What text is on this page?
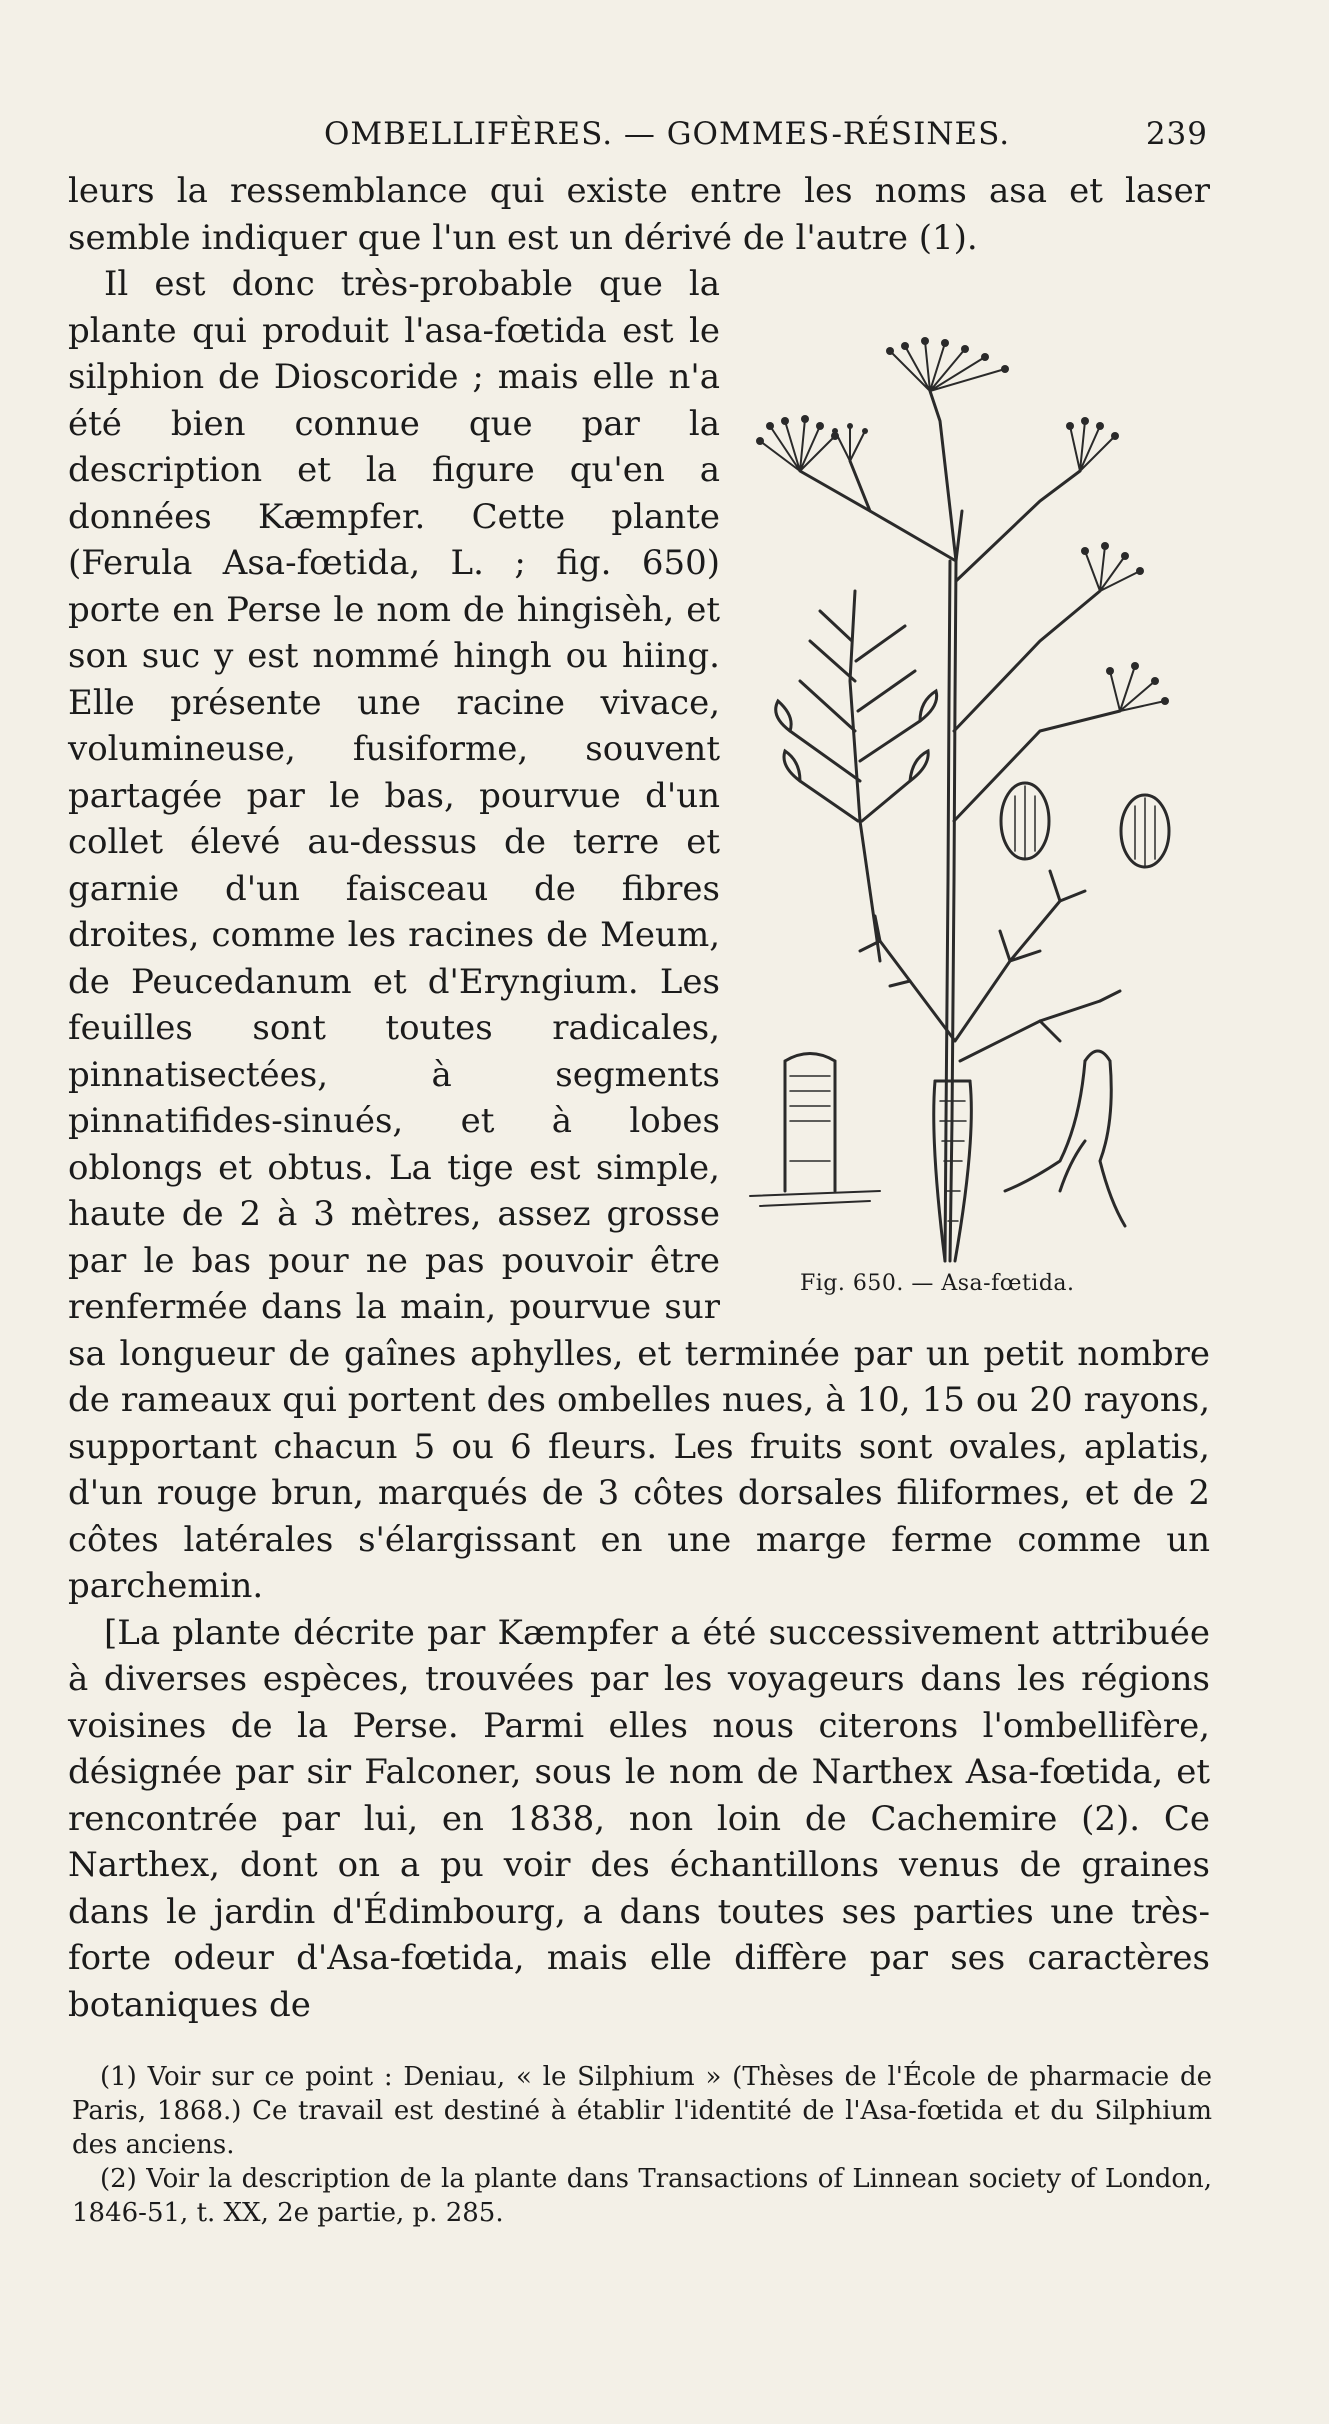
OMBELLIFÈRES. — GOMMES-RÉSINES.	239

leurs la ressemblance qui existe entre les noms asa et laser semble indiquer que l'un est un dérivé de l'autre (1).

Fig. 650. — Asa-fœtida.

Il est donc très-probable que la plante qui produit l'asa-fœtida est le silphion de Dioscoride ; mais elle n'a été bien connue que par la description et la figure qu'en a données Kæmpfer. Cette plante (Ferula Asa-fœtida, L. ; fig. 650) porte en Perse le nom de hingisèh, et son suc y est nommé hingh ou hiing. Elle présente une racine vivace, volumineuse, fusiforme, souvent partagée par le bas, pourvue d'un collet élevé au-dessus de terre et garnie d'un faisceau de fibres droites, comme les racines de Meum, de Peucedanum et d'Eryngium. Les feuilles sont toutes radicales, pinnatisectées, à segments pinnatifides-sinués, et à lobes oblongs et obtus. La tige est simple, haute de 2 à 3 mètres, assez grosse par le bas pour ne pas pouvoir être renfermée dans la main, pourvue sur sa longueur de gaînes aphylles, et terminée par un petit nombre de rameaux qui portent des ombelles nues, à 10, 15 ou 20 rayons, supportant chacun 5 ou 6 fleurs. Les fruits sont ovales, aplatis, d'un rouge brun, marqués de 3 côtes dorsales filiformes, et de 2 côtes latérales s'élargissant en une marge ferme comme un parchemin.

[La plante décrite par Kæmpfer a été successivement attribuée à diverses espèces, trouvées par les voyageurs dans les régions voisines de la Perse. Parmi elles nous citerons l'ombellifère, désignée par sir Falconer, sous le nom de Narthex Asa-fœtida, et rencontrée par lui, en 1838, non loin de Cachemire (2). Ce Narthex, dont on a pu voir des échantillons venus de graines dans le jardin d'Édimbourg, a dans toutes ses parties une très-forte odeur d'Asa-fœtida, mais elle diffère par ses caractères botaniques de

(1) Voir sur ce point : Deniau, « le Silphium » (Thèses de l'École de pharmacie de Paris, 1868.) Ce travail est destiné à établir l'identité de l'Asa-fœtida et du Silphium des anciens.

(2) Voir la description de la plante dans Transactions of Linnean society of London, 1846-51, t. XX, 2e partie, p. 285.
